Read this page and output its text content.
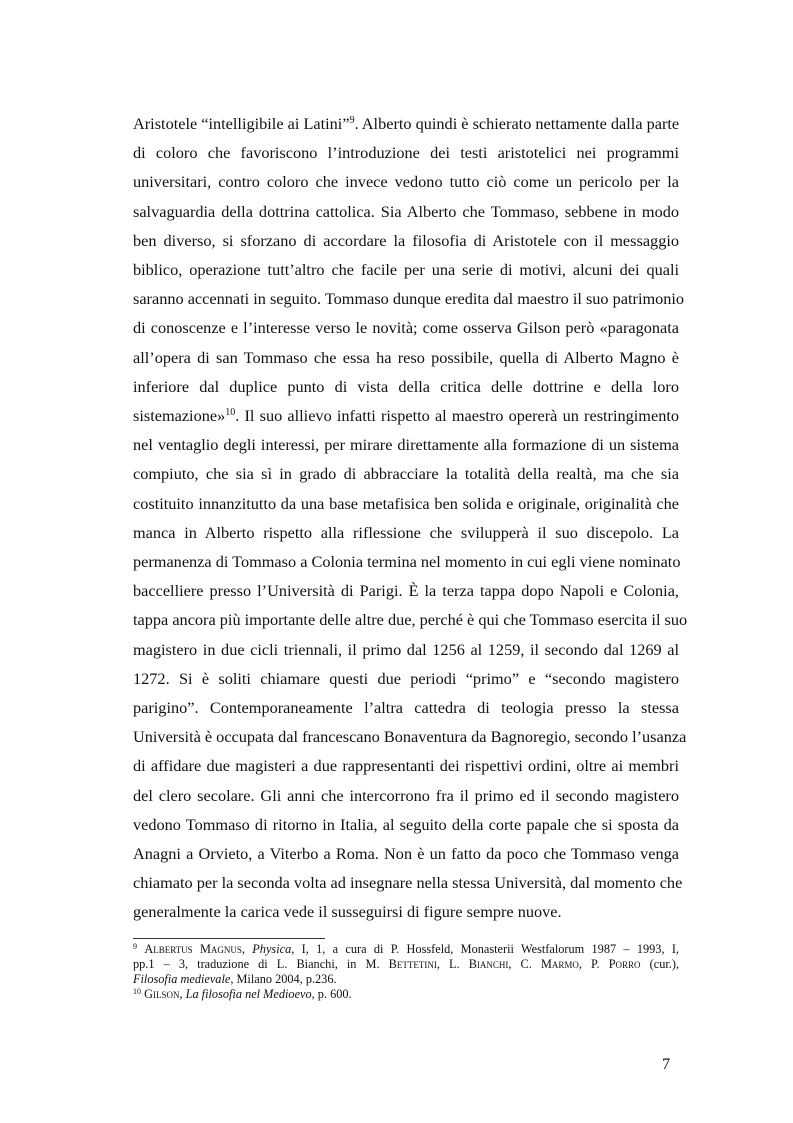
Aristotele “intelligibile ai Latini”$^9$. Alberto quindi è schierato nettamente dalla parte
di coloro che favoriscono l’introduzione dei testi aristotelici nei programmi
universitari, contro coloro che invece vedono tutto ciò come un pericolo per la
salvaguardia della dottrina cattolica. Sia Alberto che Tommaso, sebbene in modo
ben diverso, si sforzano di accordare la filosofia di Aristotele con il messaggio
biblico, operazione tutt’altro che facile per una serie di motivi, alcuni dei quali
saranno accennati in seguito. Tommaso dunque eredita dal maestro il suo patrimonio
di conoscenze e l’interesse verso le novità; come osserva Gilson però «paragonata
all’opera di san Tommaso che essa ha reso possibile, quella di Alberto Magno è
inferiore dal duplice punto di vista della critica delle dottrine e della loro
sistemazione»$^{10}$. Il suo allievo infatti rispetto al maestro opererà un restringimento
nel ventaglio degli interessi, per mirare direttamente alla formazione di un sistema
compiuto, che sia sì in grado di abbracciare la totalità della realtà, ma che sia
costituito innanzitutto da una base metafisica ben solida e originale, originalità che
manca in Alberto rispetto alla riflessione che svilupperà il suo discepolo. La
permanenza di Tommaso a Colonia termina nel momento in cui egli viene nominato
baccelliere presso l’Università di Parigi. È la terza tappa dopo Napoli e Colonia,
tappa ancora più importante delle altre due, perché è qui che Tommaso esercita il suo
magistero in due cicli triennali, il primo dal 1256 al 1259, il secondo dal 1269 al
1272. Si è soliti chiamare questi due periodi “primo” e “secondo magistero
parigino”. Contemporaneamente l’altra cattedra di teologia presso la stessa
Università è occupata dal francescano Bonaventura da Bagnoregio, secondo l’usanza
di affidare due magisteri a due rappresentanti dei rispettivi ordini, oltre ai membri
del clero secolare. Gli anni che intercorrono fra il primo ed il secondo magistero
vedono Tommaso di ritorno in Italia, al seguito della corte papale che si sposta da
Anagni a Orvieto, a Viterbo a Roma. Non è un fatto da poco che Tommaso venga
chiamato per la seconda volta ad insegnare nella stessa Università, dal momento che
generalmente la carica vede il susseguirsi di figure sempre nuove.
$^9$ Albertus Magnus, Physica, I, 1, a cura di P. Hossfeld, Monasterii Westfalorum 1987 – 1993, I,
pp.1 – 3, traduzione di L. Bianchi, in M. Bettetini, L. Bianchi, C. Marmo, P. Porro (cur.),
Filosofia medievale, Milano 2004, p.236.
$^{10}$ Gilson, La filosofia nel Medioevo, p. 600.
7
